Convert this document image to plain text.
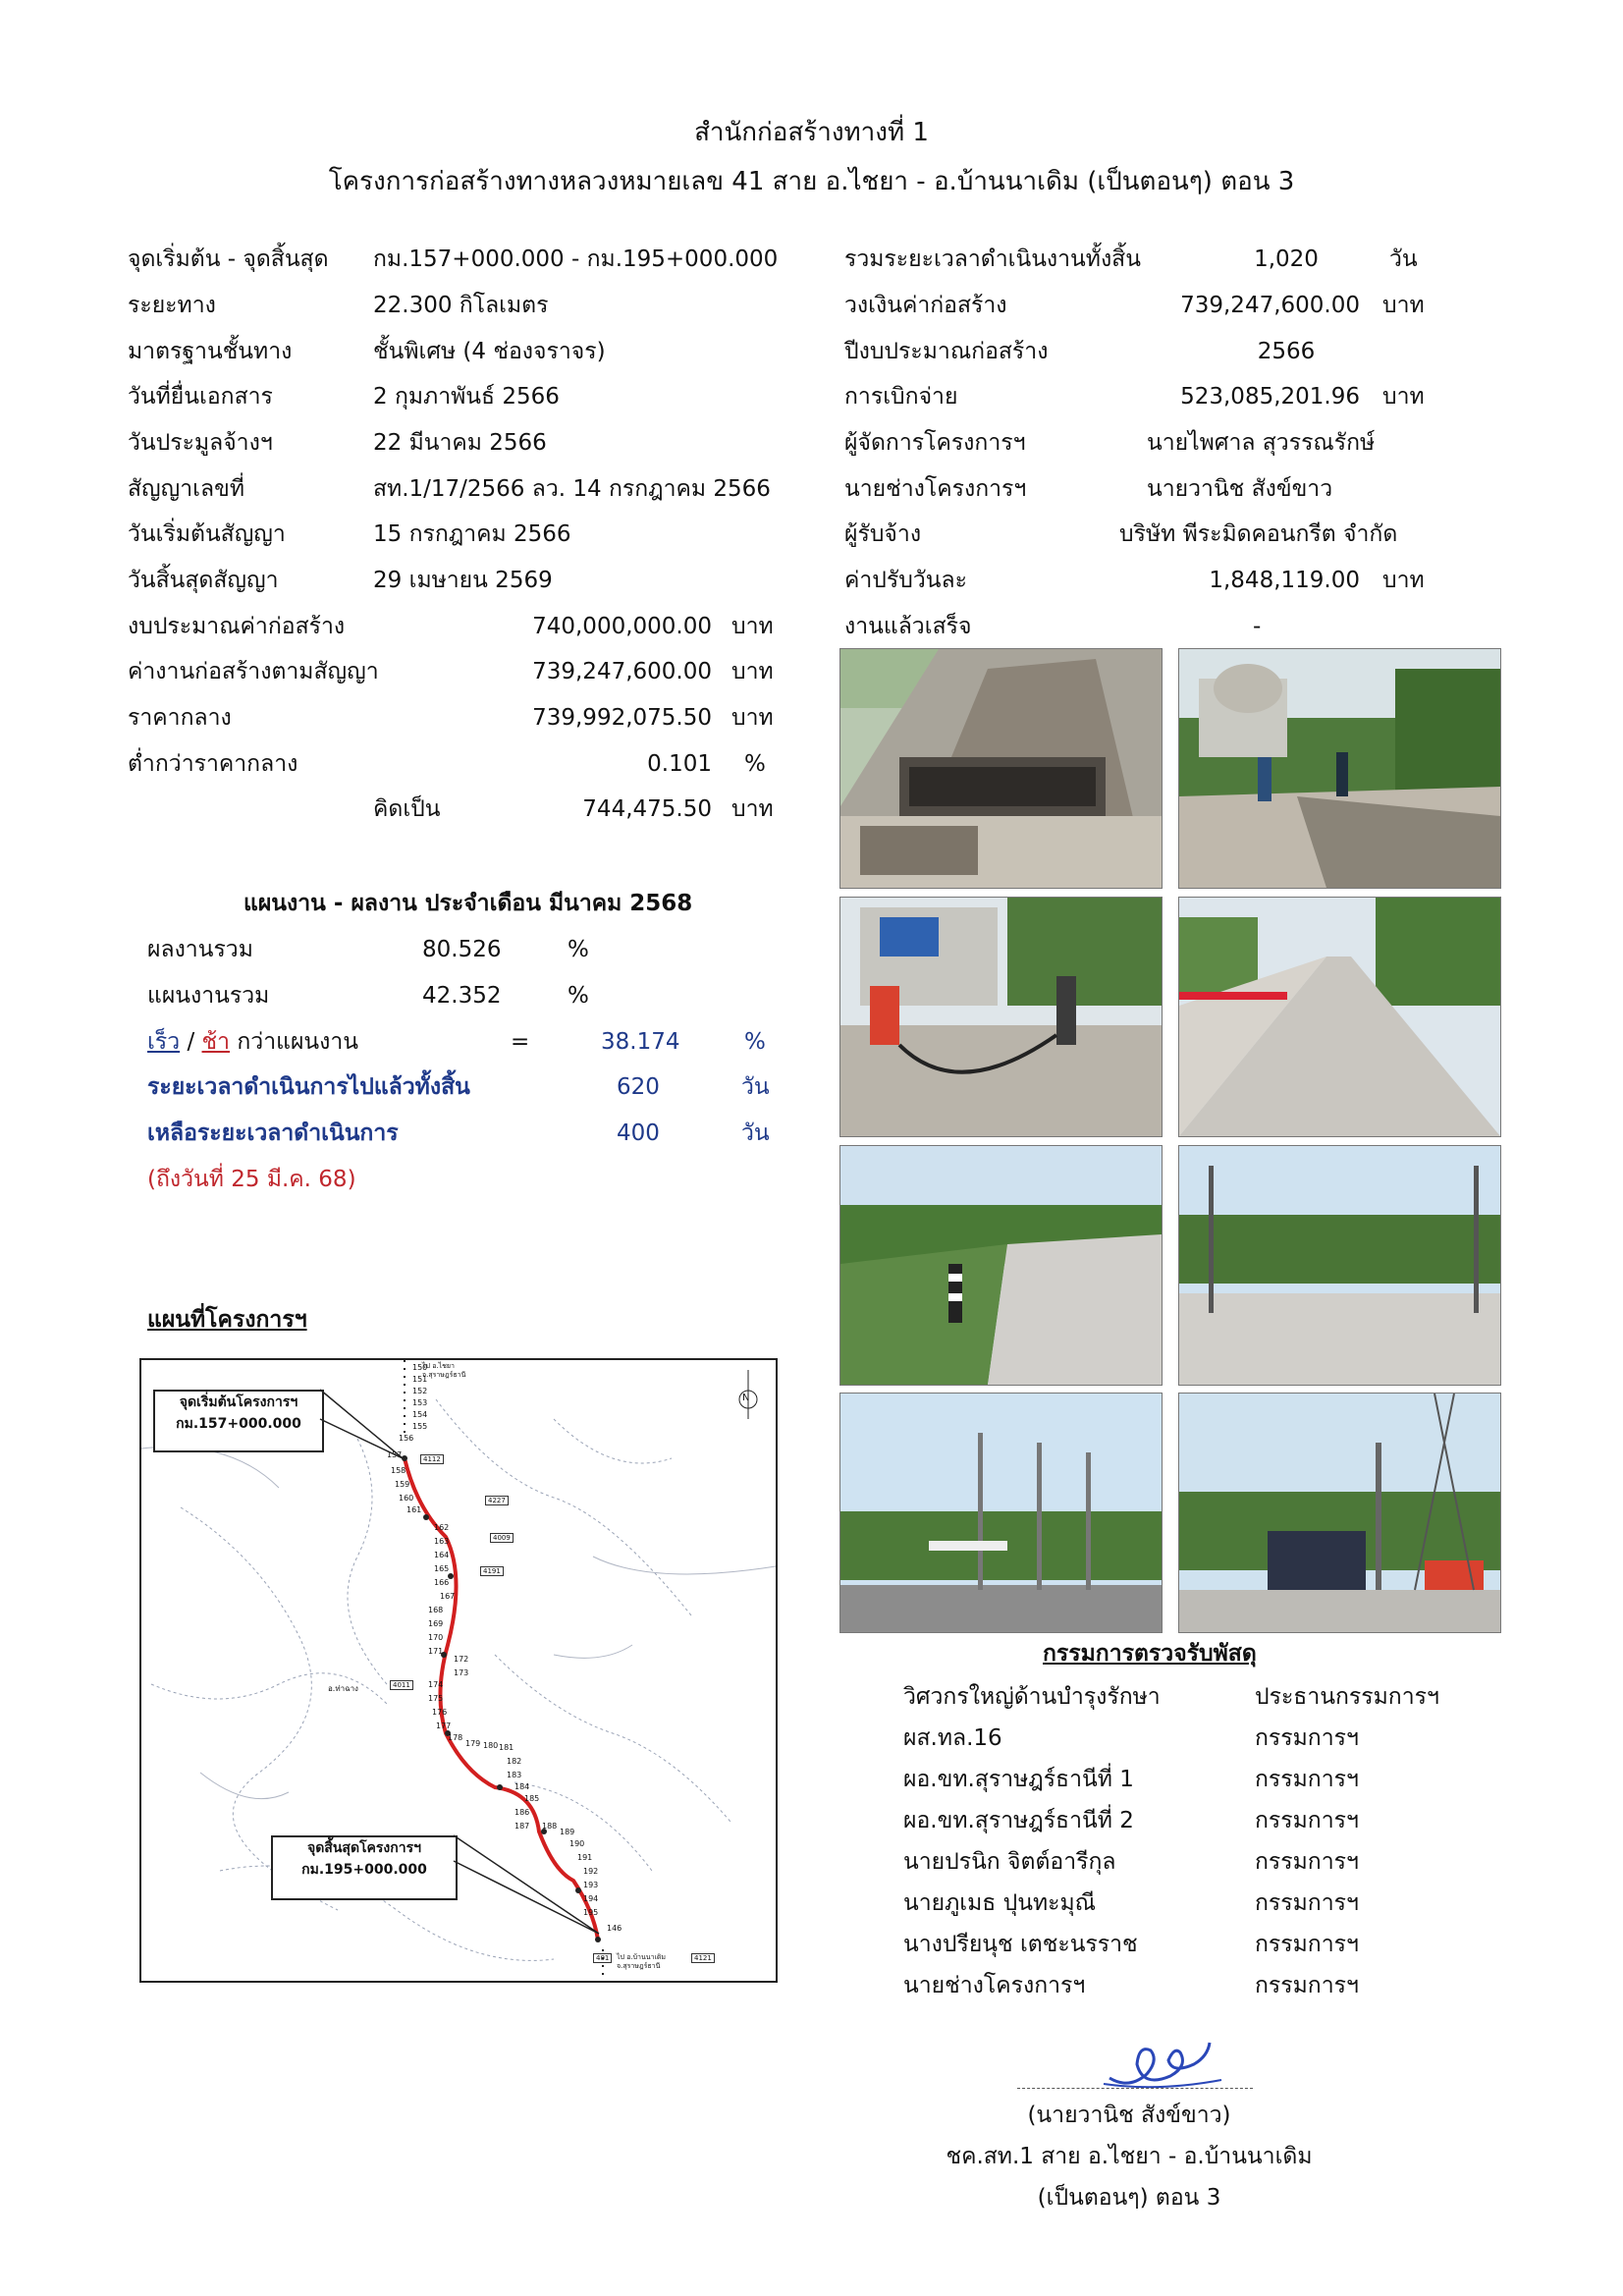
สำนักก่อสร้างทางที่ 1
โครงการก่อสร้างทางหลวงหมายเลข 41 สาย อ.ไชยา - อ.บ้านนาเดิม (เป็นตอนๆ) ตอน 3
จุดเริ่มต้น - จุดสิ้นสุด กม.157+000.000 - กม.195+000.000
ระยะทาง	22.300 กิโลเมตร
มาตรฐานชั้นทาง	ชั้นพิเศษ (4 ช่องจราจร)
วันที่ยื่นเอกสาร	2 กุมภาพันธ์ 2566
วันประมูลจ้างฯ	22 มีนาคม 2566
สัญญาเลขที่	สท.1/17/2566 ลว. 14 กรกฎาคม 2566
วันเริ่มต้นสัญญา	15 กรกฎาคม 2566
วันสิ้นสุดสัญญา	29 เมษายน 2569
งบประมาณค่าก่อสร้าง	740,000,000.00 บาท
ค่างานก่อสร้างตามสัญญา	739,247,600.00 บาท
ราคากลาง	739,992,075.50 บาท
ต่ำกว่าราคากลาง	0.101 %
คิดเป็น	744,475.50 บาท
รวมระยะเวลาดำเนินงานทั้งสิ้น	1,020	วัน
วงเงินค่าก่อสร้าง	739,247,600.00 บาท
ปีงบประมาณก่อสร้าง	2566
การเบิกจ่าย	523,085,201.96 บาท
ผู้จัดการโครงการฯ	นายไพศาล สุวรรณรักษ์
นายช่างโครงการฯ	นายวานิช สังข์ขาว
ผู้รับจ้าง	บริษัท พีระมิดคอนกรีต จำกัด
ค่าปรับวันละ	1,848,119.00 บาท
งานแล้วเสร็จ	-
แผนงาน - ผลงาน ประจำเดือน มีนาคม 2568
ผลงานรวม	80.526	%
แผนงานรวม	42.352	%
เร็ว / ช้า กว่าแผนงาน	=	38.174	%
ระยะเวลาดำเนินการไปแล้วทั้งสิ้น	620	วัน
เหลือระยะเวลาดำเนินการ	400	วัน
(ถึงวันที่ 25 มี.ค. 68)
แผนที่โครงการฯ
N
150
151
152
153
154
155
156
ไป อ.ไชยา จ.สุราษฎร์ธานี
157
158
159
160
161
162
163
164
165
166
167
168
169
170
171
172
173
174
175
176
177
178
179 180 181
182
183
184
185
186
187 188
189
190
191
192
193
194
195
146
ไป อ.บ้านนาเดิม จ.สุราษฎร์ธานี
อ.ท่าฉาง
4112
4227
4009
4191
4011
401	4121
จุดเริ่มต้นโครงการฯ
กม.157+000.000
จุดสิ้นสุดโครงการฯ
กม.195+000.000
กรรมการตรวจรับพัสดุ
วิศวกรใหญ่ด้านบำรุงรักษา	ประธานกรรมการฯ
ผส.ทล.16	กรรมการฯ
ผอ.ขท.สุราษฎร์ธานีที่ 1	กรรมการฯ
ผอ.ขท.สุราษฎร์ธานีที่ 2	กรรมการฯ
นายปรนิก จิตต์อารีกุล	กรรมการฯ
นายภูเมธ ปุนทะมุณี	กรรมการฯ
นางปรียนุช เตชะนรราช	กรรมการฯ
นายช่างโครงการฯ	กรรมการฯ
(นายวานิช สังข์ขาว)
ชค.สท.1 สาย อ.ไชยา - อ.บ้านนาเดิม
(เป็นตอนๆ) ตอน 3
